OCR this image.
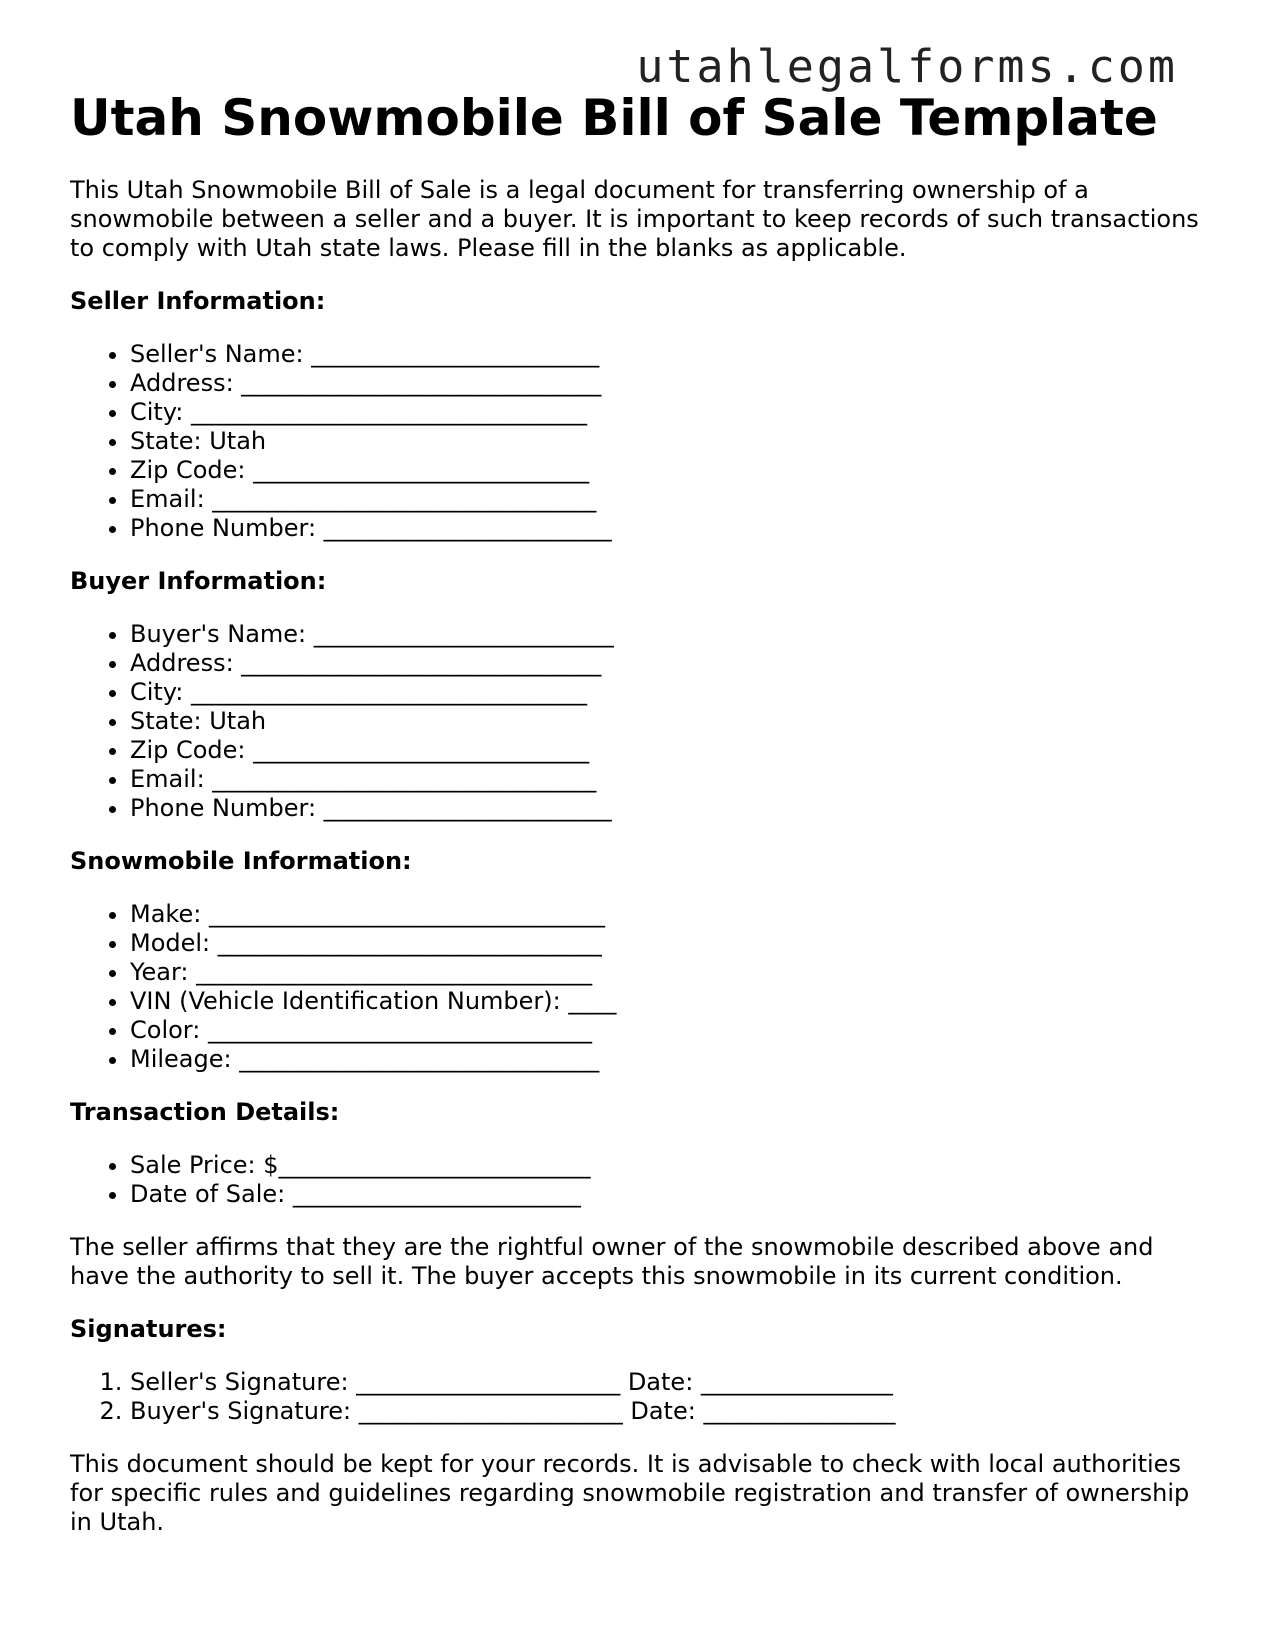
utahlegalforms.com
Utah Snowmobile Bill of Sale Template

This Utah Snowmobile Bill of Sale is a legal document for transferring ownership of a snowmobile between a seller and a buyer. It is important to keep records of such transactions to comply with Utah state laws. Please fill in the blanks as applicable.

Seller Information:
• Seller's Name: ________________________
• Address: ______________________________
• City: _________________________________
• State: Utah
• Zip Code: ____________________________
• Email: ________________________________
• Phone Number: ________________________
Buyer Information:
• Buyer's Name: _________________________
• Address: ______________________________
• City: _________________________________
• State: Utah
• Zip Code: ____________________________
• Email: ________________________________
• Phone Number: ________________________
Snowmobile Information:
• Make: _________________________________
• Model: ________________________________
• Year: _________________________________
• VIN (Vehicle Identification Number): ____
• Color: ________________________________
• Mileage: ______________________________
Transaction Details:
• Sale Price: $__________________________
• Date of Sale: ________________________

The seller affirms that they are the rightful owner of the snowmobile described above and have the authority to sell it. The buyer accepts this snowmobile in its current condition.

Signatures:
1. Seller's Signature: ______________________ Date: ________________
2. Buyer's Signature: ______________________ Date: ________________

This document should be kept for your records. It is advisable to check with local authorities for specific rules and guidelines regarding snowmobile registration and transfer of ownership in Utah.
